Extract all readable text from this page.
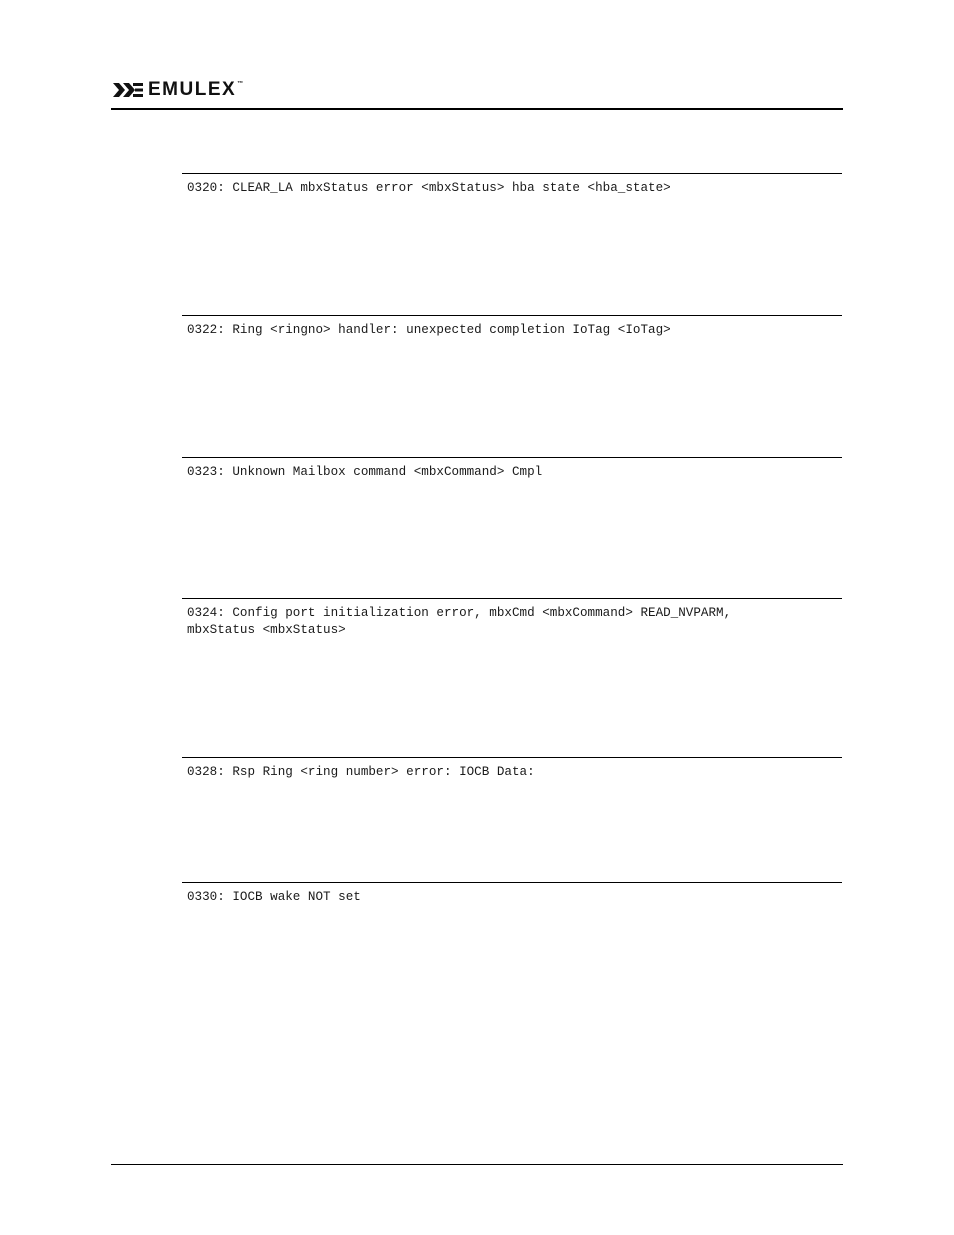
EMULEX™

0320: CLEAR_LA mbxStatus error <mbxStatus> hba state <hba_state>

0322: Ring <ringno> handler: unexpected completion IoTag <IoTag>

0323: Unknown Mailbox command <mbxCommand> Cmpl

0324: Config port initialization error, mbxCmd <mbxCommand> READ_NVPARM,
mbxStatus <mbxStatus>

0328: Rsp Ring <ring number> error: IOCB Data:

0330: IOCB wake NOT set
